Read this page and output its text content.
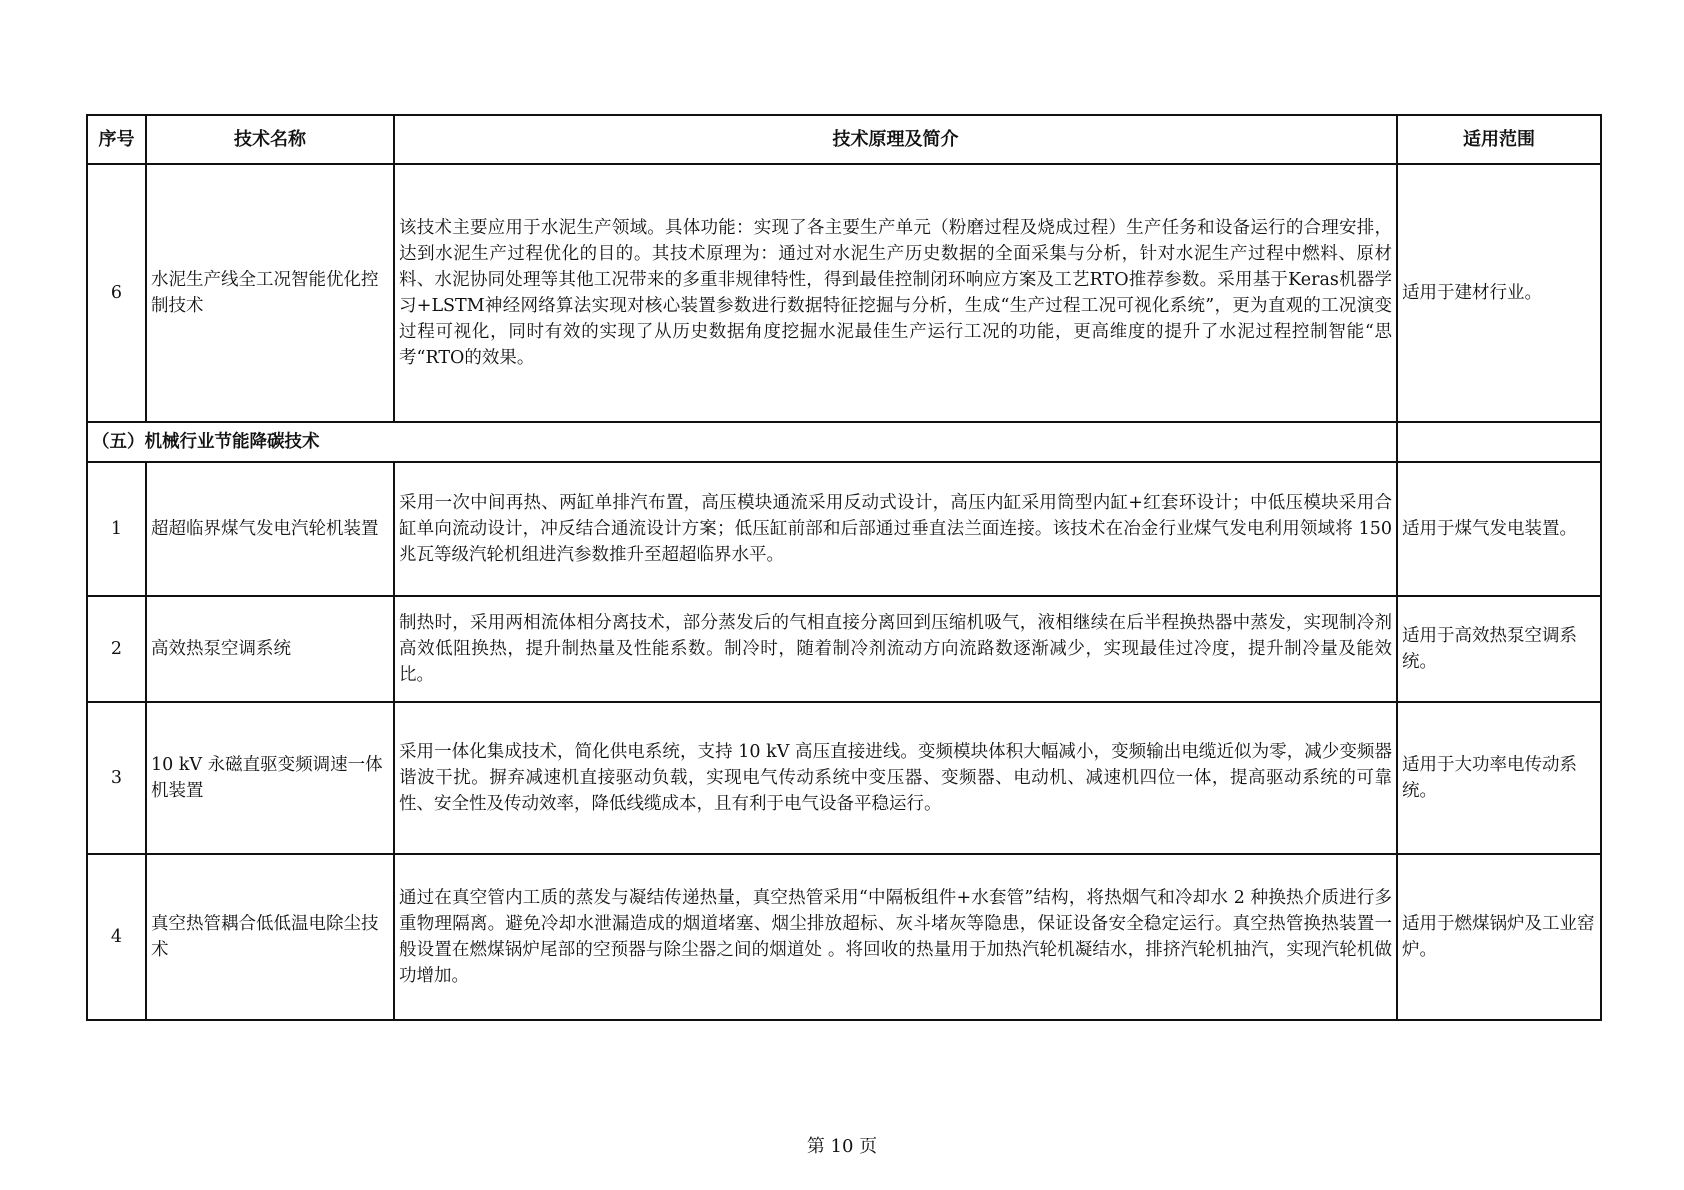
序号	技术名称	技术原理及简介	适用范围
6	水泥生产线全工况智能优化控制技术	该技术主要应用于水泥生产领域。具体功能：实现了各主要生产单元（粉磨过程及烧成过程）生产任务和设备运行的合理安排，达到水泥生产过程优化的目的。其技术原理为：通过对水泥生产历史数据的全面采集与分析，针对水泥生产过程中燃料、原材料、水泥协同处理等其他工况带来的多重非规律特性，得到最佳控制闭环响应方案及工艺RTO推荐参数。采用基于Keras机器学习+LSTM神经网络算法实现对核心装置参数进行数据特征挖掘与分析，生成“生产过程工况可视化系统”，更为直观的工况演变过程可视化，同时有效的实现了从历史数据角度挖掘水泥最佳生产运行工况的功能，更高维度的提升了水泥过程控制智能“思考“RTO的效果。	适用于建材行业。
（五）机械行业节能降碳技术			
1	超超临界煤气发电汽轮机装置	采用一次中间再热、两缸单排汽布置，高压模块通流采用反动式设计，高压内缸采用筒型内缸+红套环设计；中低压模块采用合缸单向流动设计，冲反结合通流设计方案；低压缸前部和后部通过垂直法兰面连接。该技术在冶金行业煤气发电利用领域将 150 兆瓦等级汽轮机组进汽参数推升至超超临界水平。	适用于煤气发电装置。
2	高效热泵空调系统	制热时，采用两相流体相分离技术，部分蒸发后的气相直接分离回到压缩机吸气，液相继续在后半程换热器中蒸发，实现制冷剂高效低阻换热，提升制热量及性能系数。制冷时，随着制冷剂流动方向流路数逐渐减少，实现最佳过冷度，提升制冷量及能效比。	适用于高效热泵空调系统。
3	10 kV 永磁直驱变频调速一体机装置	采用一体化集成技术，简化供电系统，支持 10 kV 高压直接进线。变频模块体积大幅减小，变频输出电缆近似为零，减少变频器谐波干扰。摒弃减速机直接驱动负载，实现电气传动系统中变压器、变频器、电动机、减速机四位一体，提高驱动系统的可靠性、安全性及传动效率，降低线缆成本，且有利于电气设备平稳运行。	适用于大功率电传动系统。
4	真空热管耦合低低温电除尘技术	通过在真空管内工质的蒸发与凝结传递热量，真空热管采用“中隔板组件+水套管”结构，将热烟气和冷却水 2 种换热介质进行多重物理隔离。避免冷却水泄漏造成的烟道堵塞、烟尘排放超标、灰斗堵灰等隐患，保证设备安全稳定运行。真空热管换热装置一般设置在燃煤锅炉尾部的空预器与除尘器之间的烟道处 。将回收的热量用于加热汽轮机凝结水，排挤汽轮机抽汽，实现汽轮机做功增加。	适用于燃煤锅炉及工业窑炉。
第 10 页
